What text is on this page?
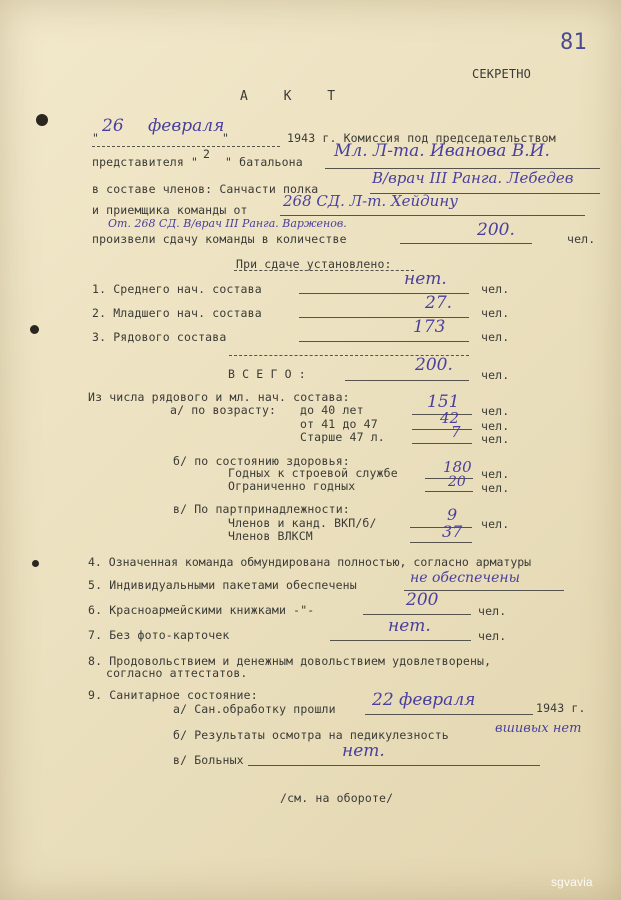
81
СЕКРЕТНО
А К Т
"
26 февраля
"	1943 г. Комиссия под председательством
представителя "
2
" батальона
Мл. Л-та. Иванова В.И.
в составе членов: Санчасти полка
В/врач III Ранга. Лебедев
и приемщика команды от 268 СД. Л-т. Хейдину
От. 268 СД. В/врач III Ранга. Варженов.
произвели сдачу команды в количестве	200.	чел.
При сдаче установлено:
1. Среднего нач. состава	нет.	чел.
2. Младшего нач. состава	27.	чел.
3. Рядового состава	173	чел.
В С Е Г О :	200. чел.
Из числа рядового и мл. нач. состава:
а/ по возрасту: до 40 лет	151 чел.
от 41 до 47	42 чел.
Старше 47 л.	7 чел.
б/ по состоянию здоровья:
Годных к строевой службе	180 чел.
Ограниченно годных	20 чел.
в/ По партпринадлежности:
Членов и канд. ВКП/б/	9 чел.
Членов ВЛКСМ	37
4. Означенная команда обмундирована полностью, согласно арматуры
5. Индивидуальными пакетами обеспечены	не обеспечены
6. Красноармейскими книжками -"-	200
чел.
7. Без фото-карточек	нет.	чел.
8. Продовольствием и денежным довольствием удовлетворены,
согласно аттестатов.
9. Санитарное состояние:
а/ Сан.обработку прошли 22 февраля	1943 г.
б/ Результаты осмотра на педикулезность	вшивых нет
в/ Больных	нет.
/см. на обороте/
sgvavia
